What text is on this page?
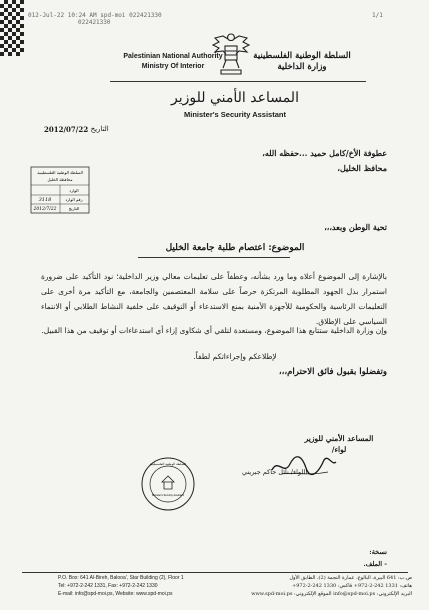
012-Jul-22 10:24 AM spd-moi 022421330
022421330
1/1
Palestinian National Authority
Ministry Of Interior
السلطة الوطنية الفلسطينية
وزارة الداخلية
المساعد الأمني للوزير
Minister's Security Assistant
2012/07/22
التاريخ :
السلطة الوطنية الفلسطينية
محافظة الخليل
الوارد
3118	رقم الوارد
2012/7/22	التاريخ
عطوفة الأخ/كامل حميد ...حفظه الله،
محافظ الخليل،
تحية الوطن وبعد،،،
الموضوع: اعتصام طلبة جامعة الخليل
بالإشارة إلى الموضوع أعلاه وما ورد بشأنه، وعطفاً على تعليمات معالي وزير الداخلية؛ نود التأكيد على ضرورة استمرار بذل الجهود المطلوبة المرتكزة حرصاً على سلامة المعتصمين والجامعة، مع التأكيد مرة أخرى على التعليمات الرئاسية والحكومية للأجهزة الأمنية بمنع الاستدعاء أو التوقيف على خلفية النشاط الطلابي أو الانتماء السياسي على الإطلاق.
وإن وزارة الداخلية ستتابع هذا الموضوع، ومستعدة لتلقي أي شكاوى إزاء أي استدعاءات أو توقيف من هذا القبيل.
لإطلاعكم وإجراءاتكم لطفاً.
وتفضلوا بقبول فائق الاحترام،،،
المساعد الأمني للوزير
لواء/
اللواء/ نائل حاكم جبريني
السلطة الوطنية الفلسطينية
Minister's Security Assistant
نسخة:
- الملف.
P.O. Box: 641 Al-Bireh, Balooa', Star Building (2), Floor 1
Tel: +972-2-242 1331, Fax: +972-2-242 1330
E-mail: info@spd-moi.ps, Website: www.spd-moi.ps
ص.ب: 641 البيرة، البالوع، عمارة النجمة (2)، الطابق الأول
هاتف: 1331 242-2-972+ فاكس: 1330 242-2-972+
البريد الإلكتروني: info@spd-moi.ps الموقع الإلكتروني: www.spd-moi.ps
